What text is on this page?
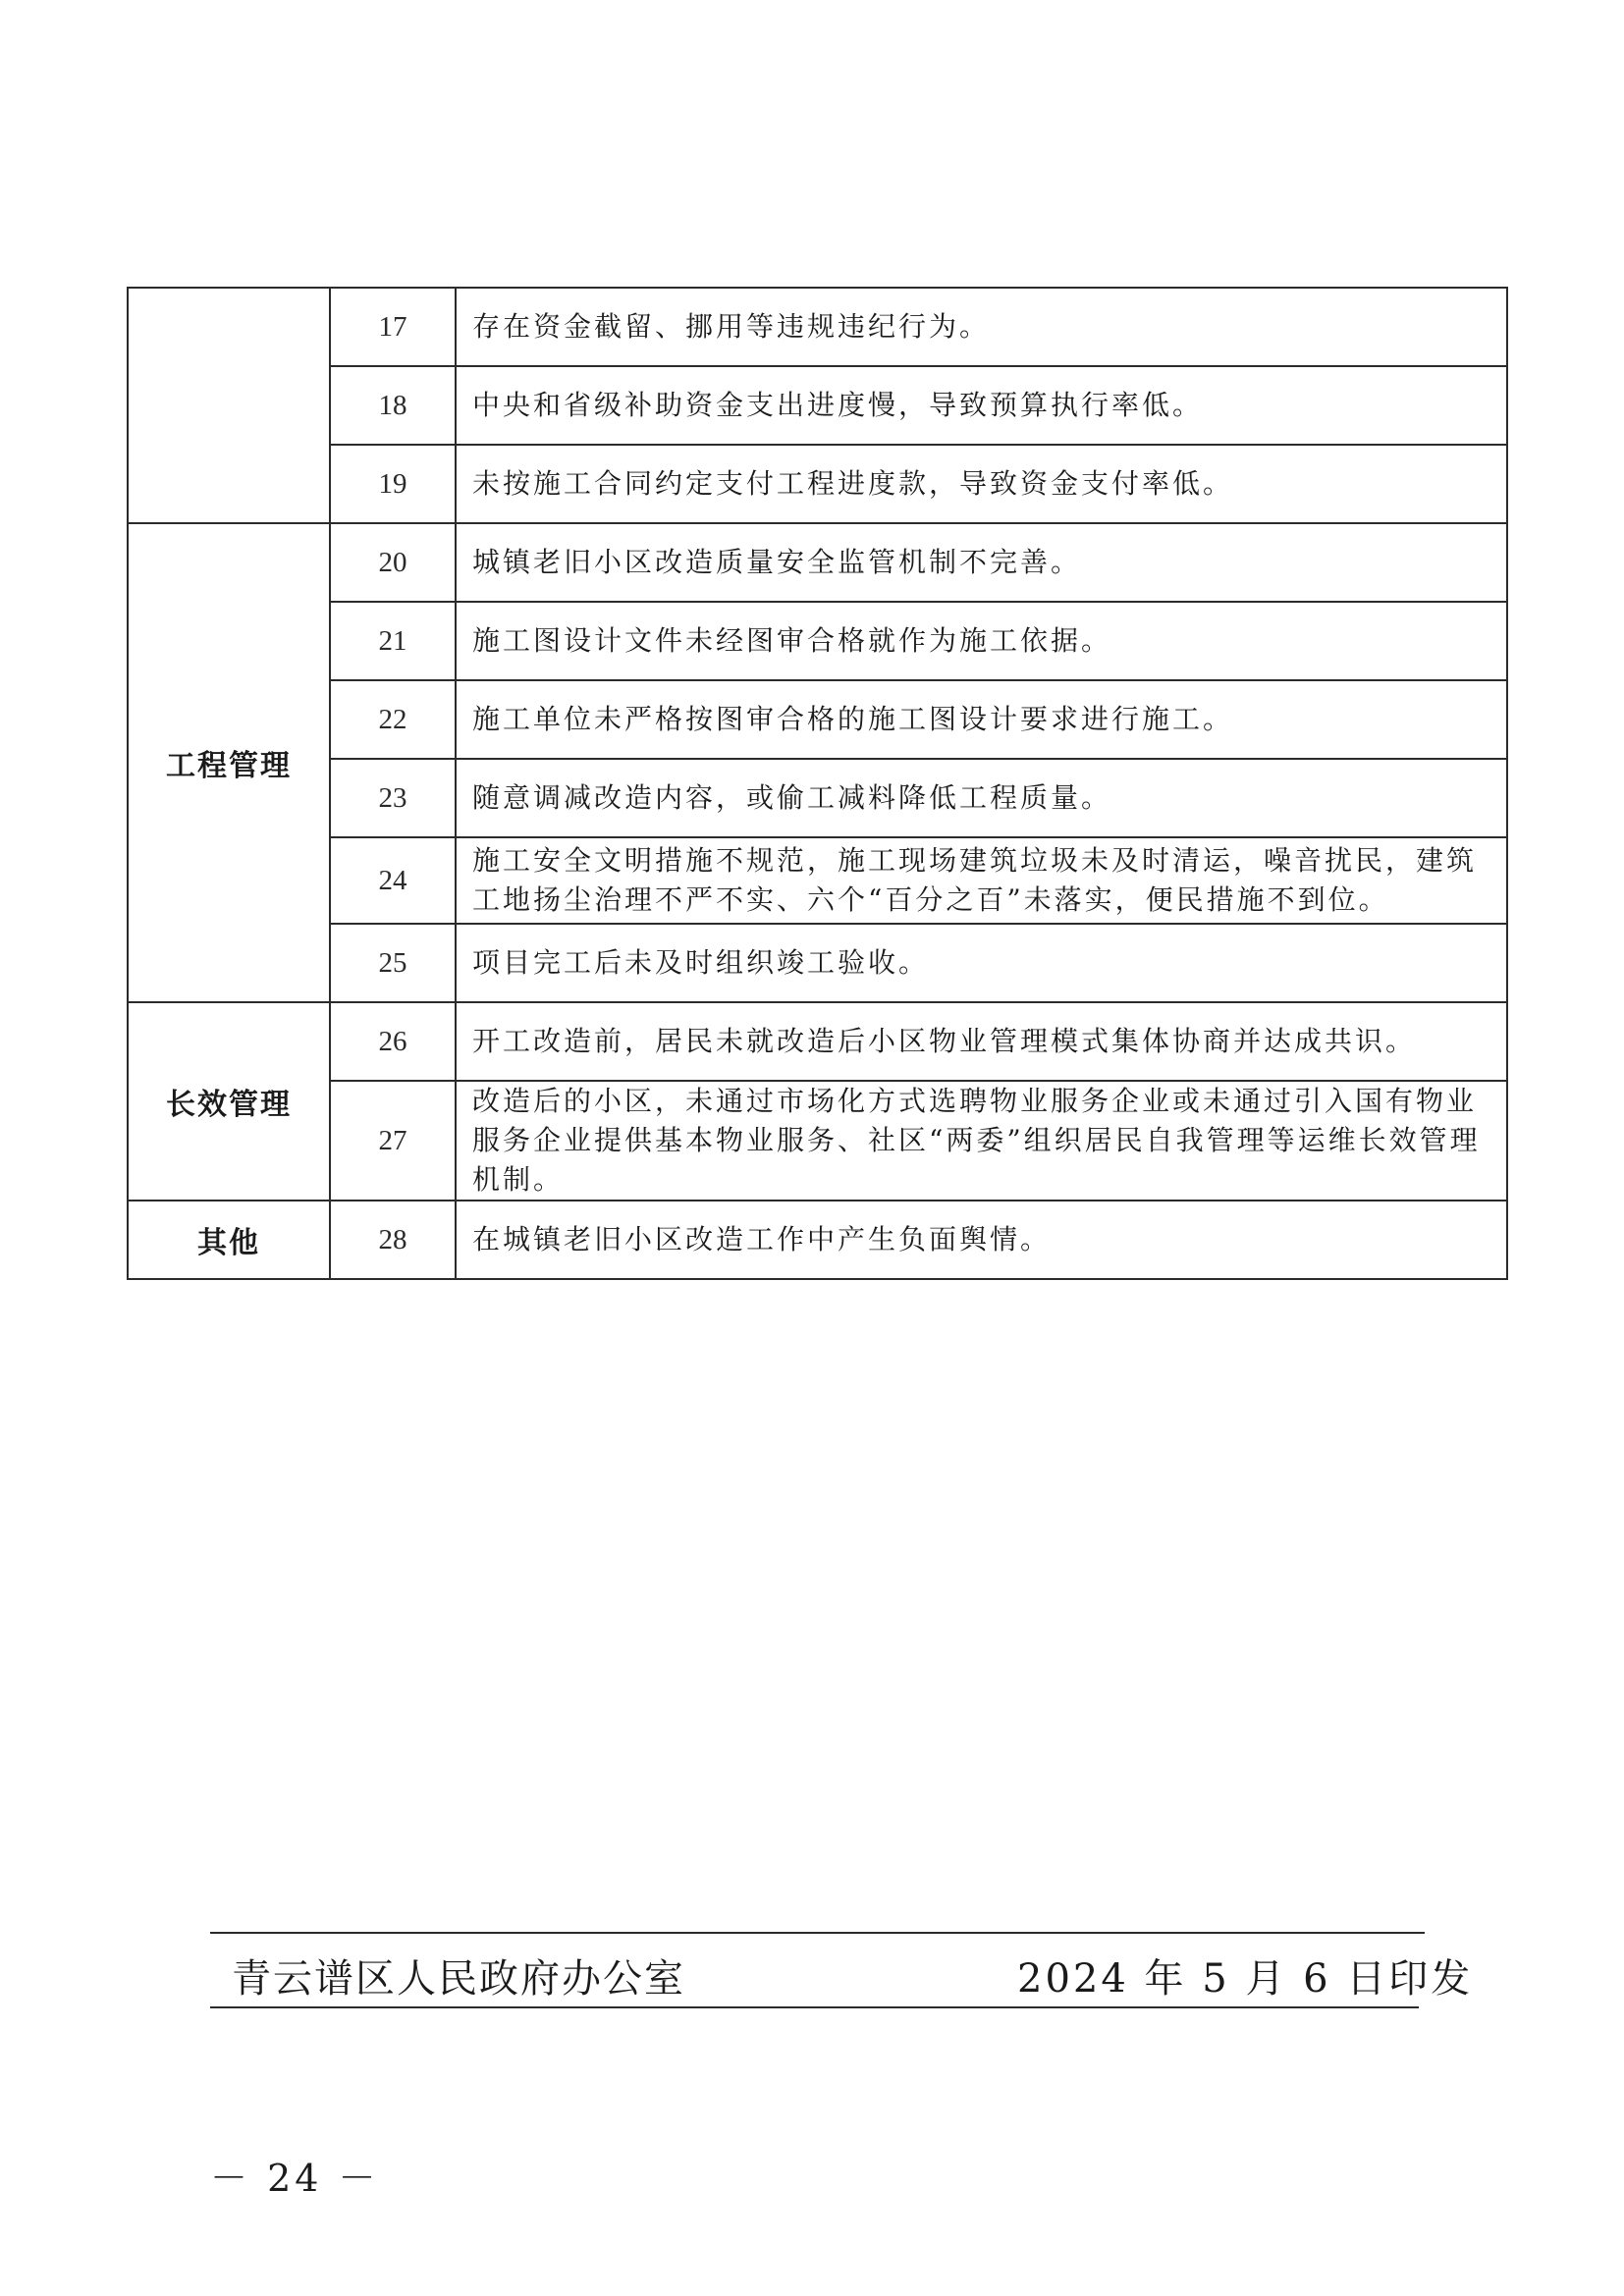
	17	存在资金截留、挪用等违规违纪行为。
	18	中央和省级补助资金支出进度慢，导致预算执行率低。
	19	未按施工合同约定支付工程进度款，导致资金支付率低。
工程管理	20	城镇老旧小区改造质量安全监管机制不完善。
	21	施工图设计文件未经图审合格就作为施工依据。
	22	施工单位未严格按图审合格的施工图设计要求进行施工。
	23	随意调减改造内容，或偷工减料降低工程质量。
	24	施工安全文明措施不规范，施工现场建筑垃圾未及时清运，噪音扰民，建筑工地扬尘治理不严不实、六个“百分之百”未落实，便民措施不到位。
	25	项目完工后未及时组织竣工验收。
长效管理	26	开工改造前，居民未就改造后小区物业管理模式集体协商并达成共识。
	27	改造后的小区，未通过市场化方式选聘物业服务企业或未通过引入国有物业服务企业提供基本物业服务、社区“两委”组织居民自我管理等运维长效管理机制。
其他	28	在城镇老旧小区改造工作中产生负面舆情。
青云谱区人民政府办公室	2024 年 5 月 6 日印发
－ 24 －
